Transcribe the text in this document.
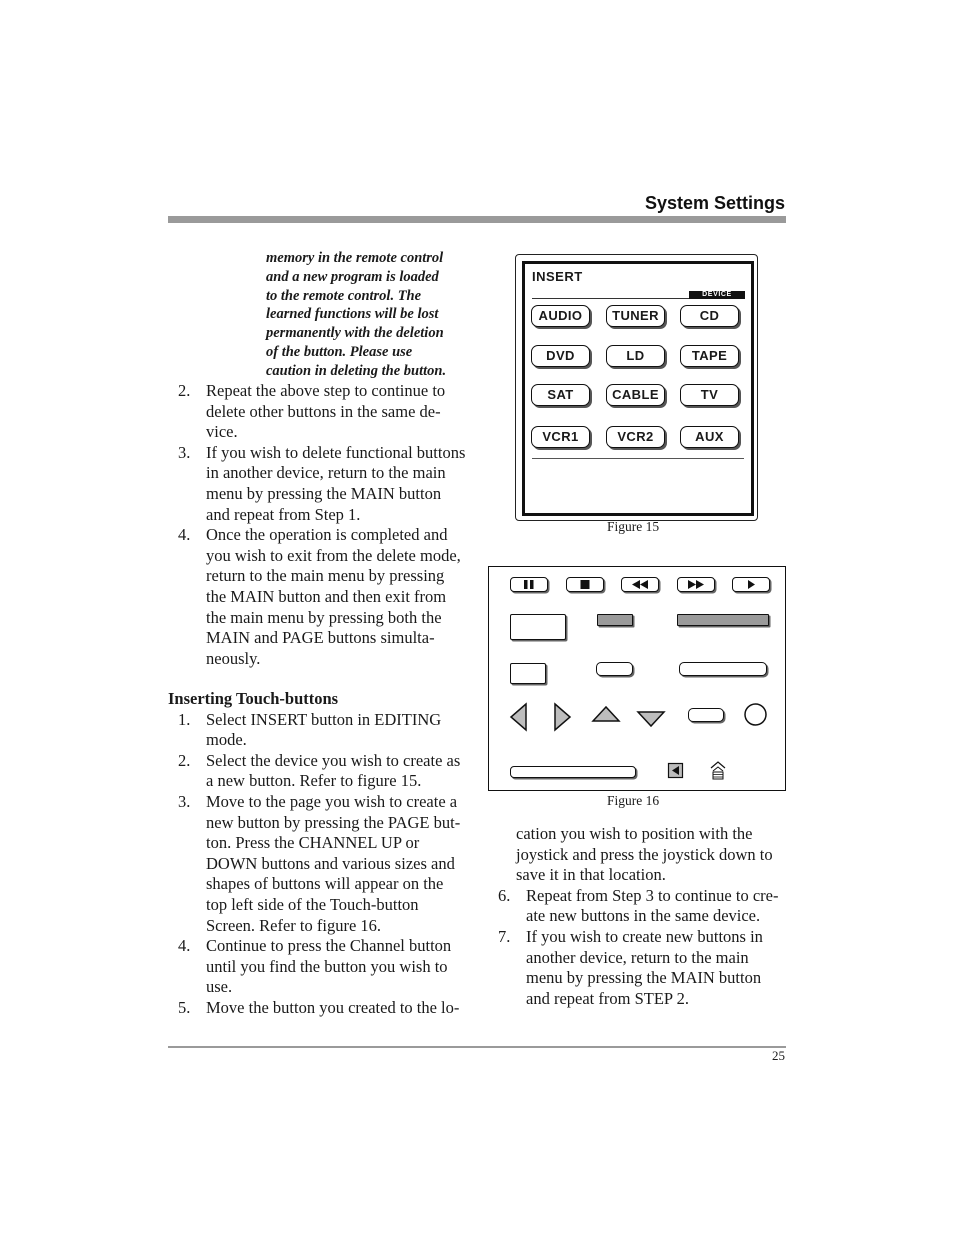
System Settings
memory in the remote control
and a new program is loaded
to the remote control. The
learned functions will be lost
permanently with the deletion
of the button. Please use
caution in deleting the button.
2. Repeat the above step to continue to
delete other buttons in the same de-
vice.
3. If you wish to delete functional buttons
in another device, return to the main
menu by pressing the MAIN button
and repeat from Step 1.
4. Once the operation is completed and
you wish to exit from the delete mode,
return to the main menu by pressing
the MAIN button and then exit from
the main menu by pressing both the
MAIN and PAGE buttons simulta-
neously.

Inserting Touch-buttons

1. Select INSERT button in EDITING
mode.
2. Select the device you wish to create as
a new button. Refer to figure 15.
3. Move to the page you wish to create a
new button by pressing the PAGE but-
ton. Press the CHANNEL UP or
DOWN buttons and various sizes and
shapes of buttons will appear on the
top left side of the Touch-button
Screen. Refer to figure 16.
4. Continue to press the Channel button
until you find the button you wish to
use.
5. Move the button you created to the lo-
INSERT
DEVICE
AUDIO	TUNER	CD
DVD	LD	TAPE
SAT	CABLE	TV
VCR1	VCR2	AUX
Figure 15
Figure 16
cation you wish to position with the
joystick and press the joystick down to
save it in that location.
6. Repeat from Step 3 to continue to cre-
ate new buttons in the same device.
7. If you wish to create new buttons in
another device, return to the main
menu by pressing the MAIN button
and repeat from STEP 2.
25
